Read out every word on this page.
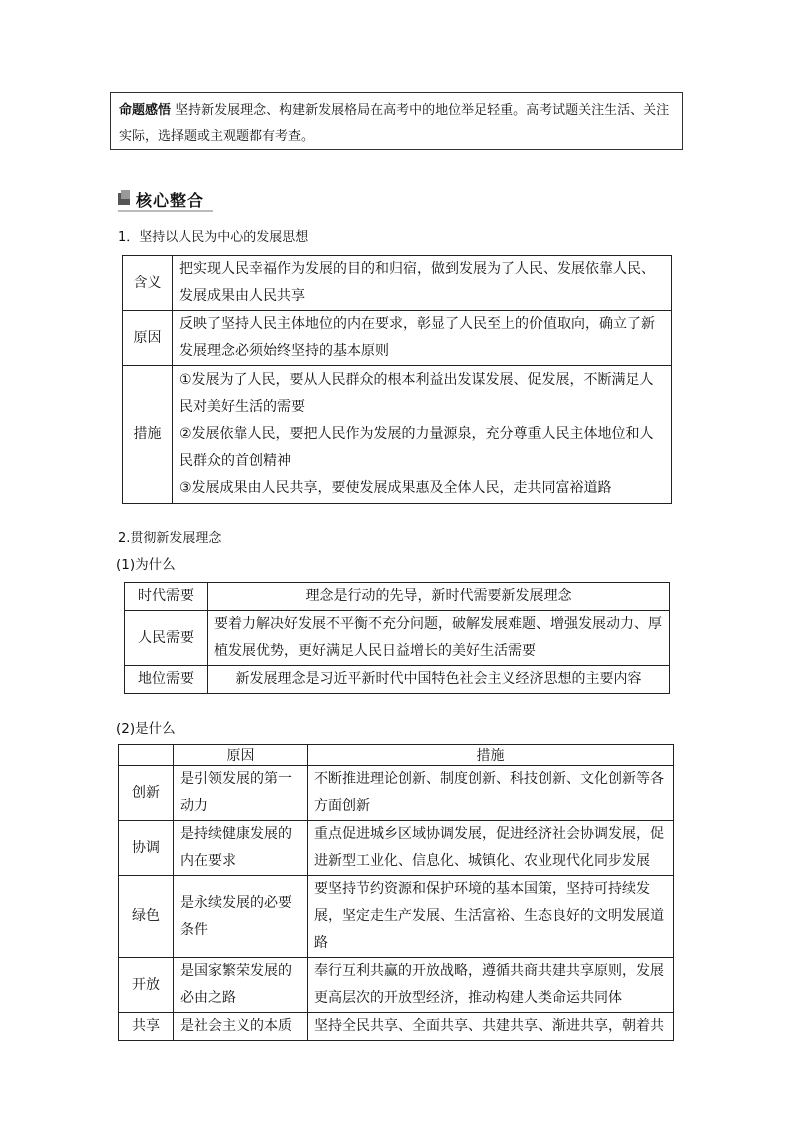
命题感悟 坚持新发展理念、构建新发展格局在高考中的地位举足轻重。高考试题关注生活、关注实际，选择题或主观题都有考查。
核心整合
1．坚持以人民为中心的发展思想
含义	把实现人民幸福作为发展的目的和归宿，做到发展为了人民、发展依靠人民、发展成果由人民共享
原因	反映了坚持人民主体地位的内在要求，彰显了人民至上的价值取向，确立了新发展理念必须始终坚持的基本原则
措施	①发展为了人民，要从人民群众的根本利益出发谋发展、促发展，不断满足人民对美好生活的需要
②发展依靠人民，要把人民作为发展的力量源泉，充分尊重人民主体地位和人民群众的首创精神
③发展成果由人民共享，要使发展成果惠及全体人民，走共同富裕道路
2.贯彻新发展理念
(1)为什么
时代需要	理念是行动的先导，新时代需要新发展理念
人民需要	要着力解决好发展不平衡不充分问题，破解发展难题、增强发展动力、厚植发展优势，更好满足人民日益增长的美好生活需要
地位需要	新发展理念是习近平新时代中国特色社会主义经济思想的主要内容
(2)是什么
	原因	措施
创新	是引领发展的第一动力	不断推进理论创新、制度创新、科技创新、文化创新等各方面创新
协调	是持续健康发展的内在要求	重点促进城乡区域协调发展，促进经济社会协调发展，促进新型工业化、信息化、城镇化、农业现代化同步发展
绿色	是永续发展的必要条件	要坚持节约资源和保护环境的基本国策，坚持可持续发展，坚定走生产发展、生活富裕、生态良好的文明发展道路
开放	是国家繁荣发展的必由之路	奉行互利共赢的开放战略，遵循共商共建共享原则，发展更高层次的开放型经济，推动构建人类命运共同体
共享	是社会主义的本质	坚持全民共享、全面共享、共建共享、渐进共享，朝着共
